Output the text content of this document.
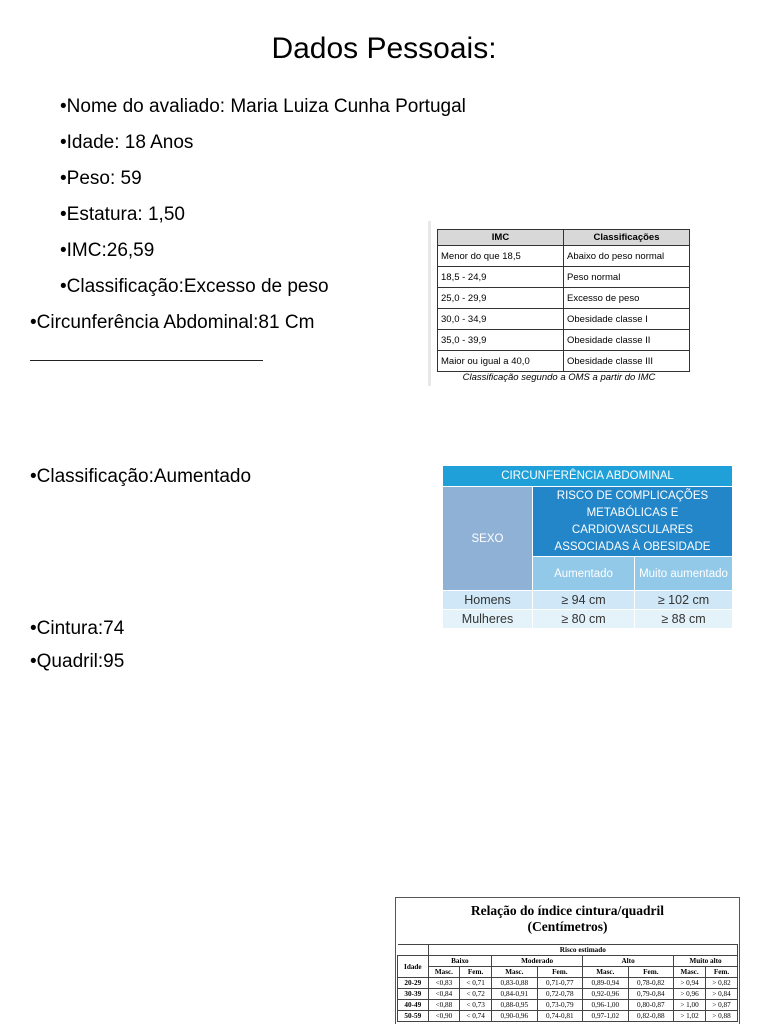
Dados Pessoais:
•Nome do avaliado: Maria Luiza Cunha Portugal
•Idade: 18 Anos
•Peso: 59
•Estatura: 1,50
•IMC:26,59
•Classificação:Excesso de peso
•Circunferência Abdominal:81 Cm
•Classificação:Aumentado
•Cintura:74
•Quadril:95
IMC	Classificações
Menor do que 18,5	Abaixo do peso normal
18,5 - 24,9	Peso normal
25,0 - 29,9	Excesso de peso
30,0 - 34,9	Obesidade classe I
35,0 - 39,9	Obesidade classe II
Maior ou igual a 40,0	Obesidade classe III
Classificação segundo a OMS a partir do IMC
CIRCUNFERÊNCIA ABDOMINAL
SEXO
RISCO DE COMPLICAÇÕES METABÓLICAS E CARDIOVASCULARES ASSOCIADAS À OBESIDADE
Aumentado	Muito aumentado
Homens	≥ 94 cm	≥ 102 cm
Mulheres	≥ 80 cm	≥ 88 cm
Relação do índice cintura/quadril
(Centímetros)
	Risco estimado							
Idade	Baixo		Moderado		Alto		Muito alto	
	Masc.	Fem.	Masc.	Fem.	Masc.	Fem.	Masc.	Fem.
20-29	<0,83	< 0,71	0,83-0,88	0,71-0,77	0,89-0,94	0,78-0,82	> 0,94	> 0,82
30-39	<0,84	< 0,72	0,84-0,91	0,72-0,78	0,92-0,96	0,79-0,84	> 0,96	> 0,84
40-49	<0,88	< 0,73	0,88-0,95	0,73-0,79	0,96-1,00	0,80-0,87	> 1,00	> 0,87
50-59	<0,90	< 0,74	0,90-0,96	0,74-0,81	0,97-1,02	0,82-0,88	> 1,02	> 0,88
